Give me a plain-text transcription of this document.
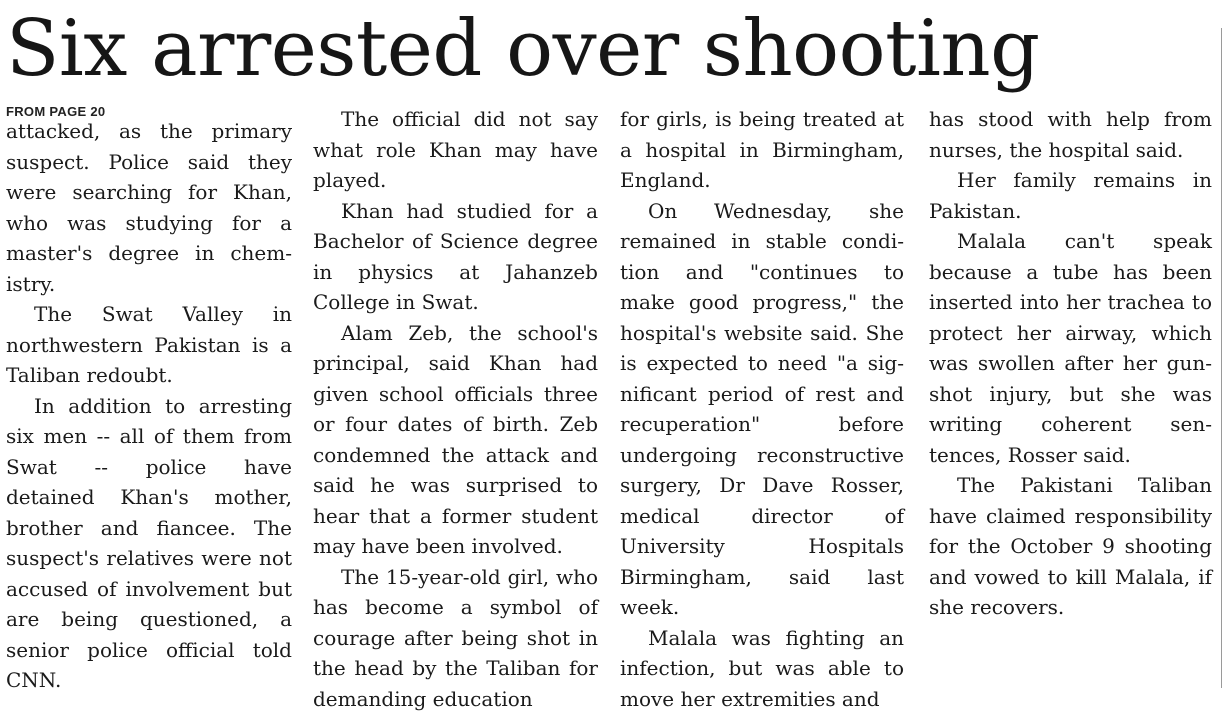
Six arrested over shooting
FROM PAGE 20

attacked, as the primary suspect. Police said they were searching for Khan, who was studying for a master's degree in chemistry.

The Swat Valley in northwestern Pakistan is a Taliban redoubt.

In addition to arresting six men -- all of them from Swat -- police have detained Khan's mother, brother and fiancee. The suspect's relatives were not accused of involvement but are being questioned, a senior police official told CNN.

The official did not say what role Khan may have played.

Khan had studied for a Bachelor of Science degree in physics at Jahanzeb College in Swat.

Alam Zeb, the school's principal, said Khan had given school officials three or four dates of birth. Zeb condemned the attack and said he was surprised to hear that a former student may have been involved.

The 15-year-old girl, who has become a symbol of courage after being shot in the head by the Taliban for demanding education

for girls, is being treated at a hospital in Birmingham, England.

On Wednesday, she remained in stable condition and "continues to make good progress," the hospital's website said. She is expected to need "a significant period of rest and recuperation" before undergoing reconstructive surgery, Dr Dave Rosser, medical director of University Hospitals Birmingham, said last week.

Malala was fighting an infection, but was able to move her extremities and

has stood with help from nurses, the hospital said.

Her family remains in Pakistan.

Malala can't speak because a tube has been inserted into her trachea to protect her airway, which was swollen after her gunshot injury, but she was writing coherent sentences, Rosser said.

The Pakistani Taliban have claimed responsibility for the October 9 shooting and vowed to kill Malala, if she recovers.
